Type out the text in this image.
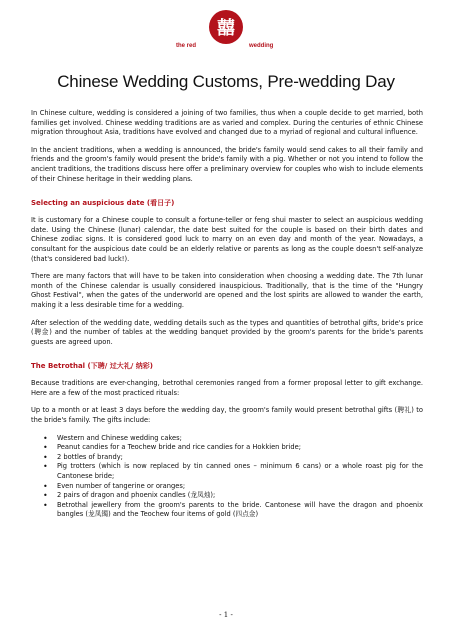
the red
囍
wedding
Chinese Wedding Customs, Pre-wedding Day

In Chinese culture, wedding is considered a joining of two families, thus when a couple decide to get married, both families get involved. Chinese wedding traditions are as varied and complex. During the centuries of ethnic Chinese migration throughout Asia, traditions have evolved and changed due to a myriad of regional and cultural influence.

In the ancient traditions, when a wedding is announced, the bride's family would send cakes to all their family and friends and the groom's family would present the bride's family with a pig. Whether or not you intend to follow the ancient traditions, the traditions discuss here offer a preliminary overview for couples who wish to include elements of their Chinese heritage in their wedding plans.

Selecting an auspicious date (看日子)

It is customary for a Chinese couple to consult a fortune-teller or feng shui master to select an auspicious wedding date. Using the Chinese (lunar) calendar, the date best suited for the couple is based on their birth dates and Chinese zodiac signs. It is considered good luck to marry on an even day and month of the year. Nowadays, a consultant for the auspicious date could be an elderly relative or parents as long as the couple doesn't self-analyze (that's considered bad luck!).

There are many factors that will have to be taken into consideration when choosing a wedding date. The 7th lunar month of the Chinese calendar is usually considered inauspicious. Traditionally, that is the time of the "Hungry Ghost Festival", when the gates of the underworld are opened and the lost spirits are allowed to wander the earth, making it a less desirable time for a wedding.

After selection of the wedding date, wedding details such as the types and quantities of betrothal gifts, bride's price (聘金) and the number of tables at the wedding banquet provided by the groom's parents for the bride's parents guests are agreed upon.

The Betrothal (下聘/ 过大礼/ 纳彩)

Because traditions are ever-changing, betrothal ceremonies ranged from a former proposal letter to gift exchange. Here are a few of the most practiced rituals:

Up to a month or at least 3 days before the wedding day, the groom's family would present betrothal gifts (聘礼) to the bride's family. The gifts include:

• Western and Chinese wedding cakes;
• Peanut candies for a Teochew bride and rice candies for a Hokkien bride;
• 2 bottles of brandy;
• Pig trotters (which is now replaced by tin canned ones – minimum 6 cans) or a whole roast pig for the Cantonese bride;
• Even number of tangerine or oranges;
• 2 pairs of dragon and phoenix candles (龙凤烛);
• Betrothal jewellery from the groom's parents to the bride. Cantonese will have the dragon and phoenix bangles (龙凤镯) and the Teochew four items of gold (四点金)
- 1 -
